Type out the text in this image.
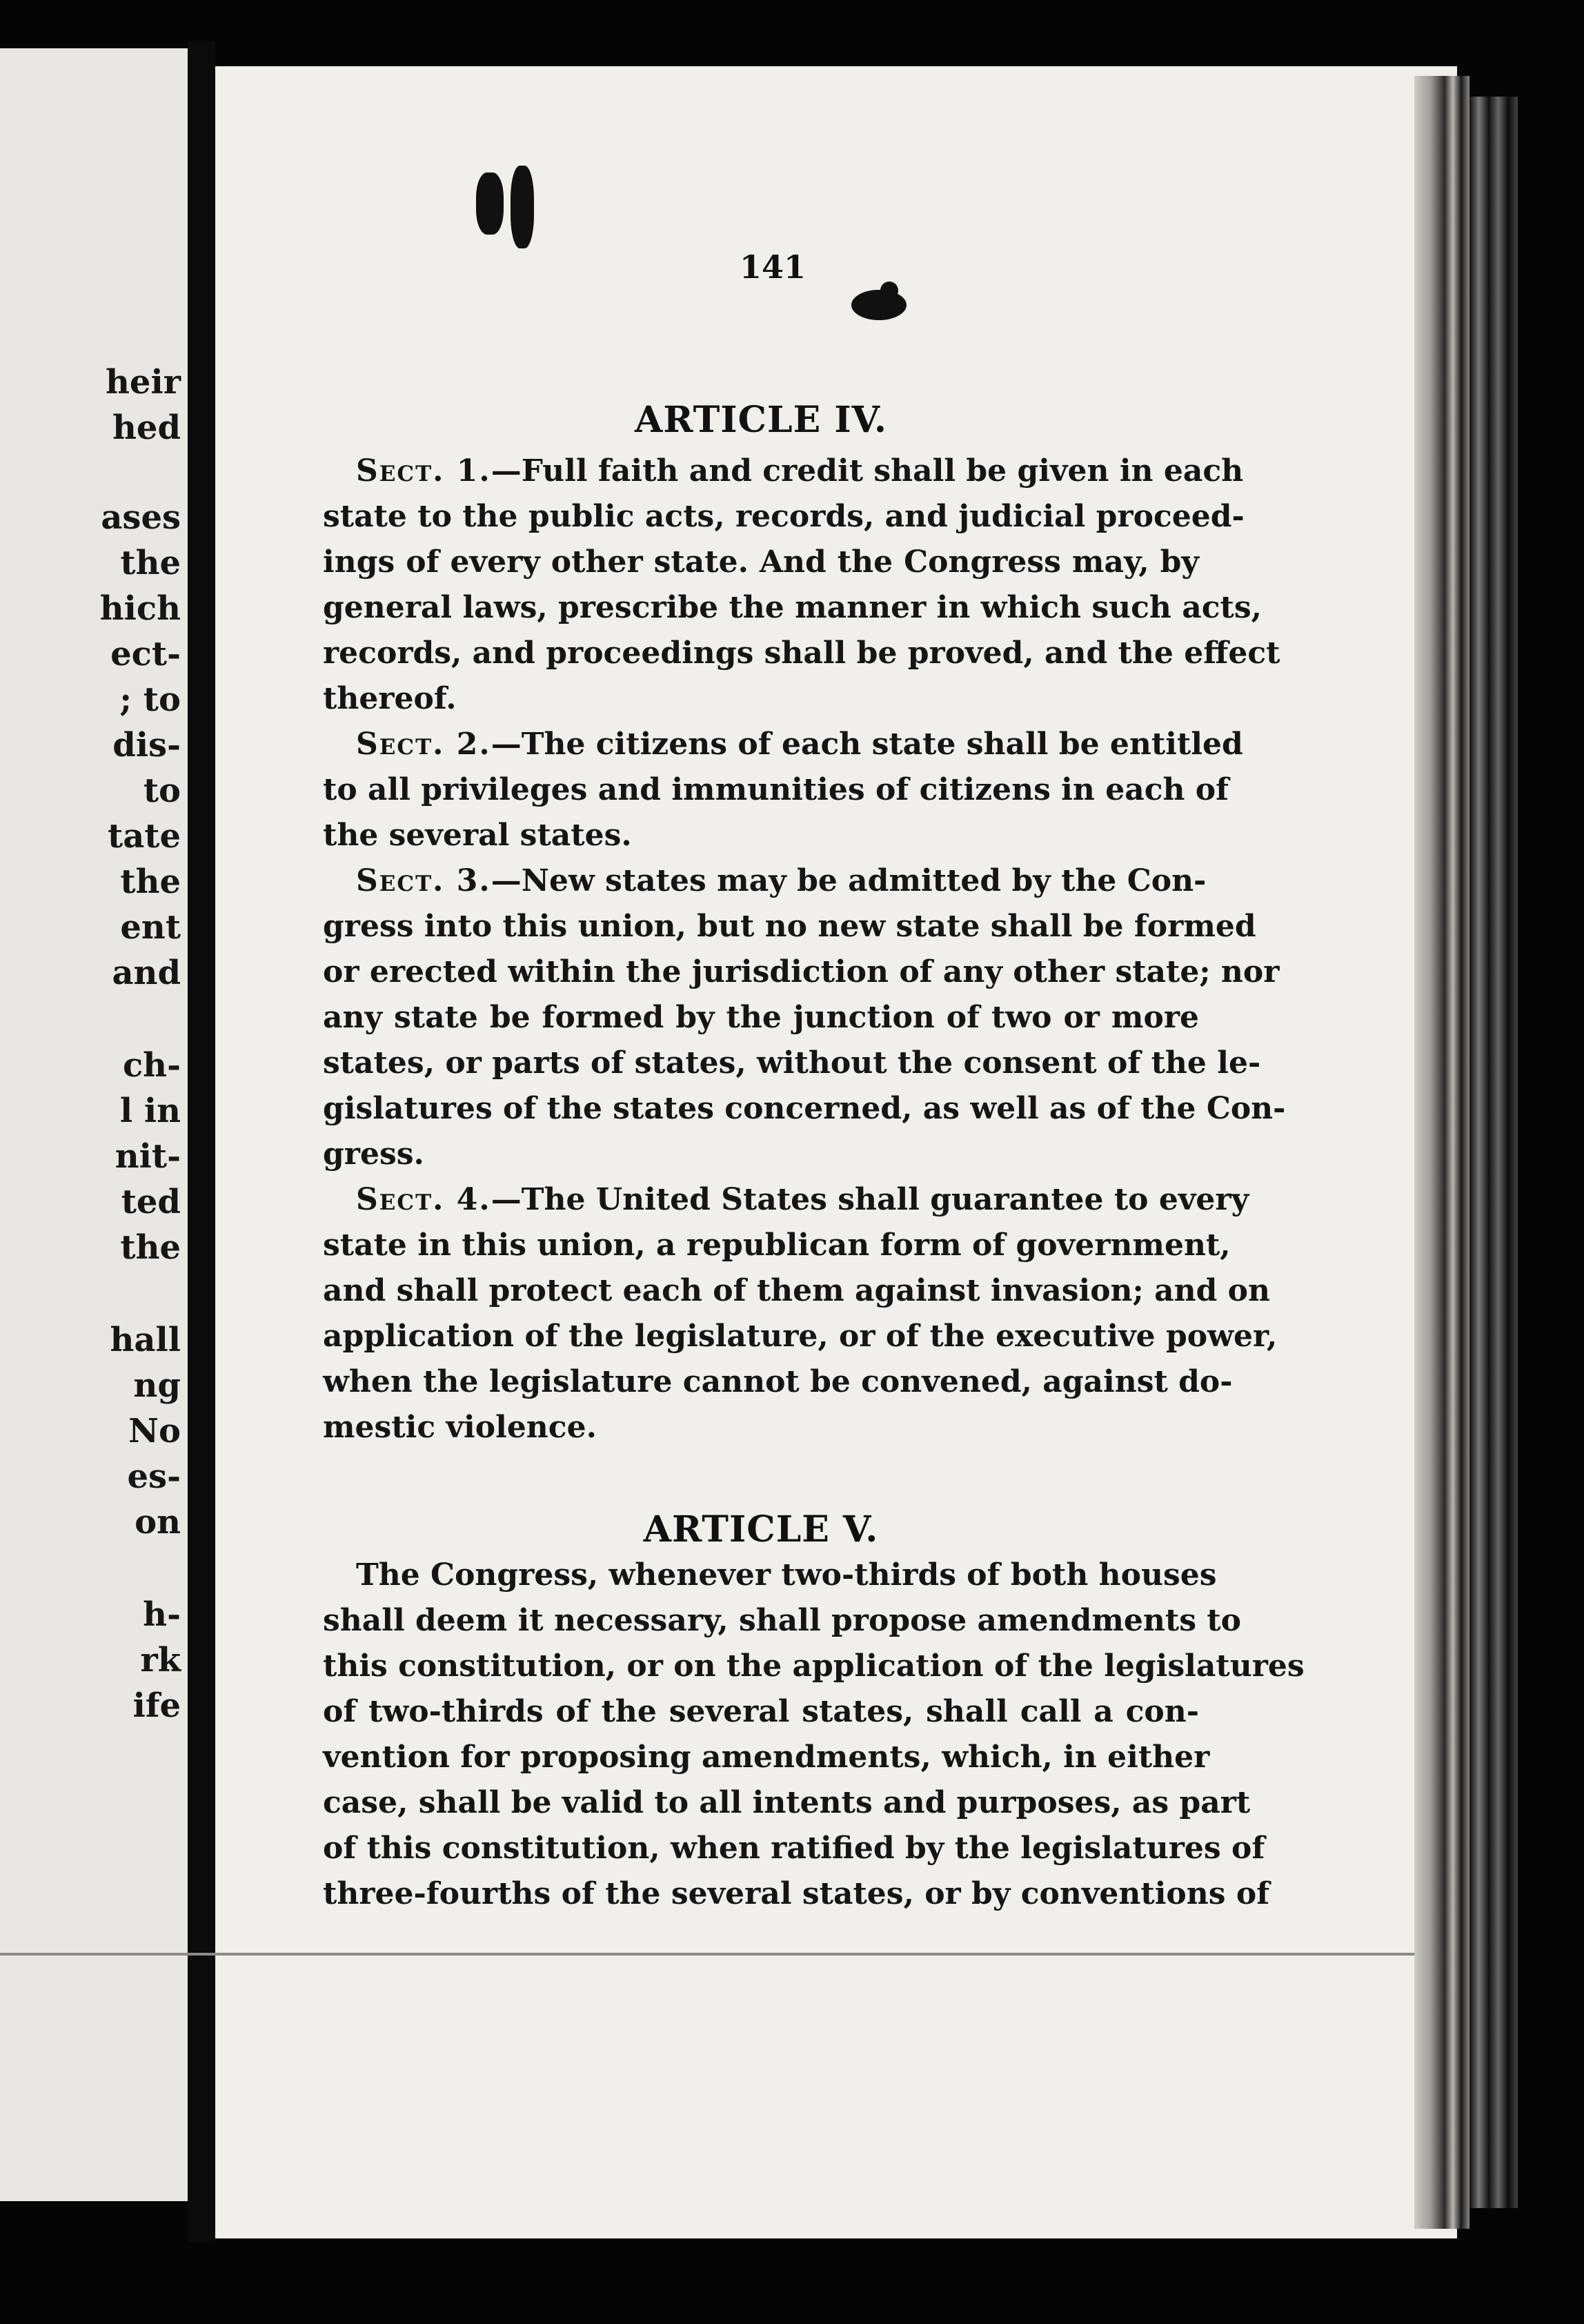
heir
hed
ases
the
hich
ect-
; to
dis-
to
tate
the
ent
and
ch-
l in
nit-
ted
the
hall
ng
No
es-
on
h-
rk
ife
141
ARTICLE IV.
Sect. 1.—Full faith and credit shall be given in each
state to the public acts, records, and judicial proceed-
ings of every other state. And the Congress may, by
general laws, prescribe the manner in which such acts,
records, and proceedings shall be proved, and the effect
thereof.
Sect. 2.—The citizens of each state shall be entitled
to all privileges and immunities of citizens in each of
the several states.
Sect. 3.—New states may be admitted by the Con-
gress into this union, but no new state shall be formed
or erected within the jurisdiction of any other state; nor
any state be formed by the junction of two or more
states, or parts of states, without the consent of the le-
gislatures of the states concerned, as well as of the Con-
gress.
Sect. 4.—The United States shall guarantee to every
state in this union, a republican form of government,
and shall protect each of them against invasion; and on
application of the legislature, or of the executive power,
when the legislature cannot be convened, against do-
mestic violence.
ARTICLE V.
The Congress, whenever two-thirds of both houses
shall deem it necessary, shall propose amendments to
this constitution, or on the application of the legislatures
of two-thirds of the several states, shall call a con-
vention for proposing amendments, which, in either
case, shall be valid to all intents and purposes, as part
of this constitution, when ratified by the legislatures of
three-fourths of the several states, or by conventions of
